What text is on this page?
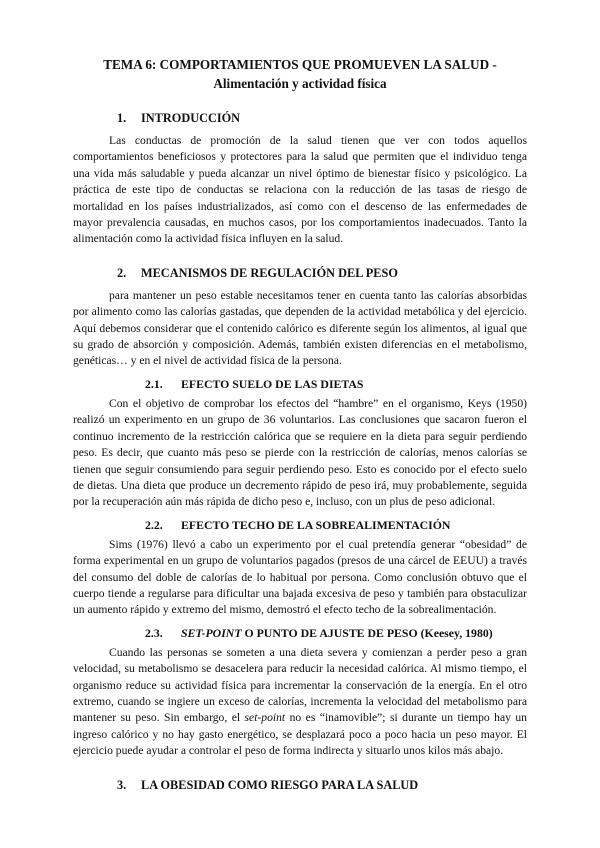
TEMA 6: COMPORTAMIENTOS QUE PROMUEVEN LA SALUD -
Alimentación y actividad física

1.	INTRODUCCIÓN

Las conductas de promoción de la salud tienen que ver con todos aquellos comportamientos beneficiosos y protectores para la salud que permiten que el individuo tenga una vida más saludable y pueda alcanzar un nivel óptimo de bienestar físico y psicológico. La práctica de este tipo de conductas se relaciona con la reducción de las tasas de riesgo de mortalidad en los países industrializados, así como con el descenso de las enfermedades de mayor prevalencia causadas, en muchos casos, por los comportamientos inadecuados. Tanto la alimentación como la actividad física influyen en la salud.

2.	MECANISMOS DE REGULACIÓN DEL PESO

para mantener un peso estable necesitamos tener en cuenta tanto las calorías absorbidas por alimento como las calorías gastadas, que dependen de la actividad metabólica y del ejercicio. Aquí debemos considerar que el contenido calórico es diferente según los alimentos, al igual que su grado de absorción y composición. Además, también existen diferencias en el metabolismo, genéticas… y en el nivel de actividad física de la persona.

2.1.	EFECTO SUELO DE LAS DIETAS

Con el objetivo de comprobar los efectos del “hambre” en el organismo, Keys (1950) realizó un experimento en un grupo de 36 voluntarios. Las conclusiones que sacaron fueron el continuo incremento de la restricción calórica que se requiere en la dieta para seguir perdiendo peso. Es decir, que cuanto más peso se pierde con la restricción de calorías, menos calorías se tienen que seguir consumiendo para seguir perdiendo peso. Esto es conocido por el efecto suelo de dietas. Una dieta que produce un decremento rápido de peso irá, muy probablemente, seguida por la recuperación aún más rápida de dicho peso e, incluso, con un plus de peso adicional.

2.2.	EFECTO TECHO DE LA SOBREALIMENTACIÓN

Sims (1976) llevó a cabo un experimento por el cual pretendía generar “obesidad” de forma experimental en un grupo de voluntarios pagados (presos de una cárcel de EEUU) a través del consumo del doble de calorías de lo habitual por persona. Como conclusión obtuvo que el cuerpo tiende a regularse para dificultar una bajada excesiva de peso y también para obstaculizar un aumento rápido y extremo del mismo, demostró el efecto techo de la sobrealimentación.

2.3.	SET-POINT O PUNTO DE AJUSTE DE PESO (Keesey, 1980)

Cuando las personas se someten a una dieta severa y comienzan a perder peso a gran velocidad, su metabolismo se desacelera para reducir la necesidad calórica. Al mismo tiempo, el organismo reduce su actividad física para incrementar la conservación de la energía. En el otro extremo, cuando se ingiere un exceso de calorías, incrementa la velocidad del metabolismo para mantener su peso. Sin embargo, el set-point no es “inamovible”; si durante un tiempo hay un ingreso calórico y no hay gasto energético, se desplazará poco a poco hacia un peso mayor. El ejercicio puede ayudar a controlar el peso de forma indirecta y situarlo unos kilos más abajo.

3.	LA OBESIDAD COMO RIESGO PARA LA SALUD
